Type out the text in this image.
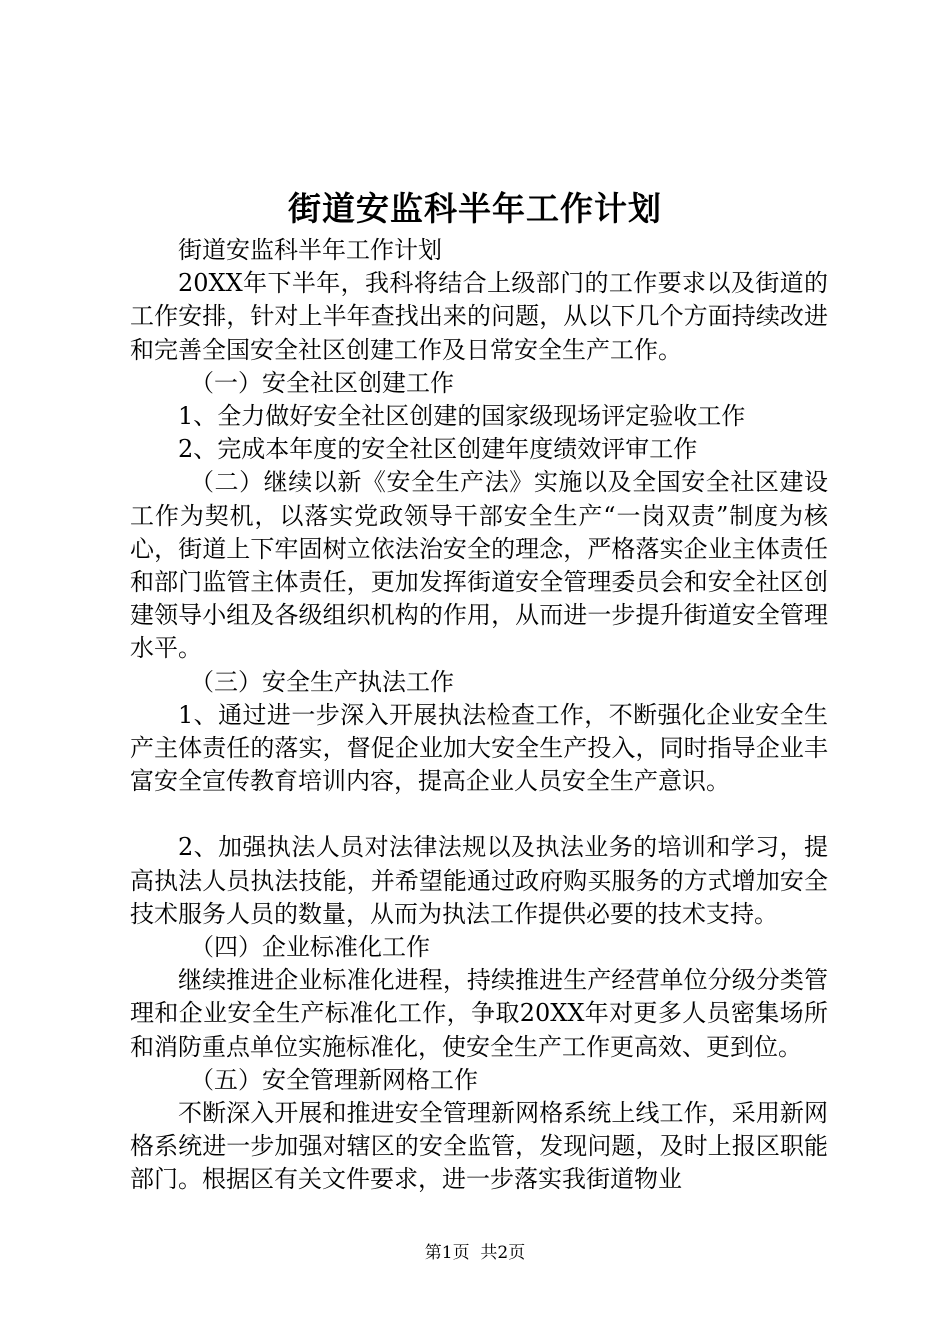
街道安监科半年工作计划

街道安监科半年工作计划

20XX年下半年，我科将结合上级部门的工作要求以及街道的工作安排，针对上半年查找出来的问题，从以下几个方面持续改进和完善全国安全社区创建工作及日常安全生产工作。

（一）安全社区创建工作

1、全力做好安全社区创建的国家级现场评定验收工作

2、完成本年度的安全社区创建年度绩效评审工作

（二）继续以新《安全生产法》实施以及全国安全社区建设工作为契机，以落实党政领导干部安全生产“一岗双责”制度为核心，街道上下牢固树立依法治安全的理念，严格落实企业主体责任和部门监管主体责任，更加发挥街道安全管理委员会和安全社区创建领导小组及各级组织机构的作用，从而进一步提升街道安全管理水平。

（三）安全生产执法工作

1、通过进一步深入开展执法检查工作，不断强化企业安全生产主体责任的落实，督促企业加大安全生产投入，同时指导企业丰富安全宣传教育培训内容，提高企业人员安全生产意识。

2、加强执法人员对法律法规以及执法业务的培训和学习，提高执法人员执法技能，并希望能通过政府购买服务的方式增加安全技术服务人员的数量，从而为执法工作提供必要的技术支持。

（四）企业标准化工作

继续推进企业标准化进程，持续推进生产经营单位分级分类管理和企业安全生产标准化工作，争取20XX年对更多人员密集场所和消防重点单位实施标准化，使安全生产工作更高效、更到位。

（五）安全管理新网格工作

不断深入开展和推进安全管理新网格系统上线工作，采用新网格系统进一步加强对辖区的安全监管，发现问题，及时上报区职能部门。根据区有关文件要求，进一步落实我街道物业

第1页 共2页
